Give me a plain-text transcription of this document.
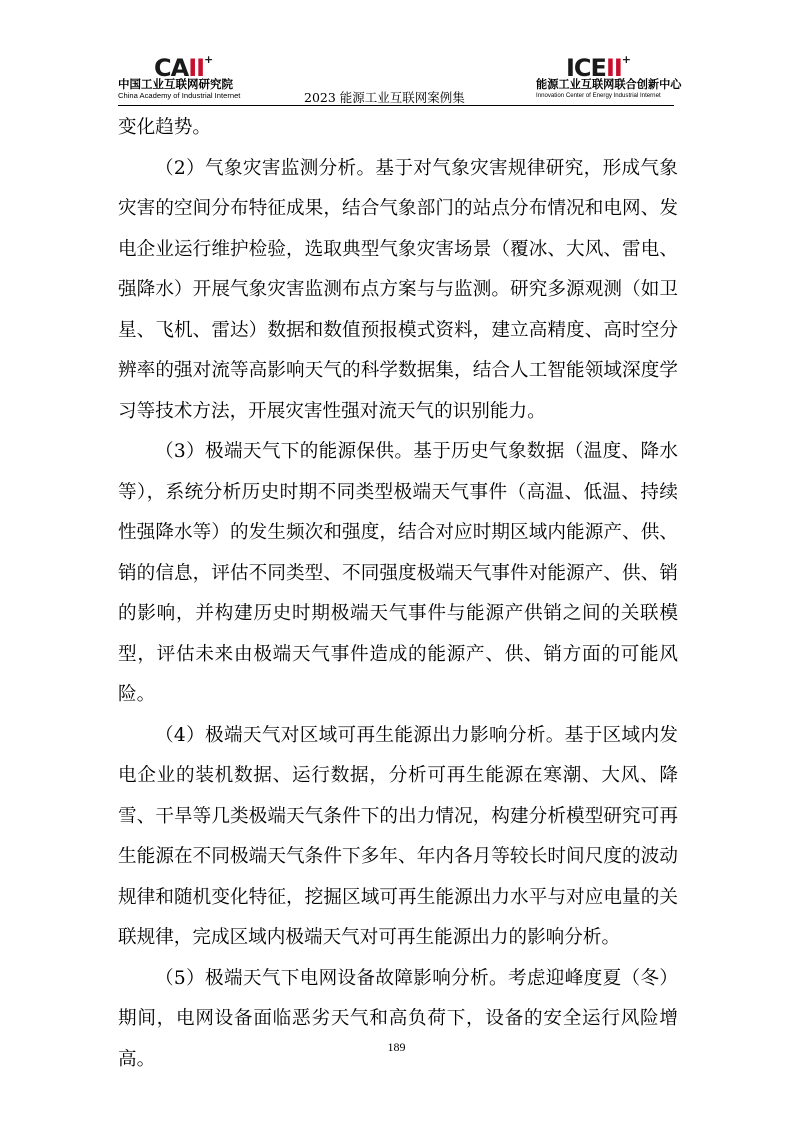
CAII+
中国工业互联网研究院
China Academy of Industrial Internet	2023 能源工业互联网案例集
ICEII+
能源工业互联网联合创新中心
Innovation Center of Energy Industrial Internet

变化趋势。

（2）气象灾害监测分析。基于对气象灾害规律研究，形成气象灾害的空间分布特征成果，结合气象部门的站点分布情况和电网、发电企业运行维护检验，选取典型气象灾害场景（覆冰、大风、雷电、强降水）开展气象灾害监测布点方案与与监测。研究多源观测（如卫星、飞机、雷达）数据和数值预报模式资料，建立高精度、高时空分辨率的强对流等高影响天气的科学数据集，结合人工智能领域深度学习等技术方法，开展灾害性强对流天气的识别能力。

（3）极端天气下的能源保供。基于历史气象数据（温度、降水等），系统分析历史时期不同类型极端天气事件（高温、低温、持续性强降水等）的发生频次和强度，结合对应时期区域内能源产、供、销的信息，评估不同类型、不同强度极端天气事件对能源产、供、销的影响，并构建历史时期极端天气事件与能源产供销之间的关联模型，评估未来由极端天气事件造成的能源产、供、销方面的可能风险。

（4）极端天气对区域可再生能源出力影响分析。基于区域内发电企业的装机数据、运行数据，分析可再生能源在寒潮、大风、降雪、干旱等几类极端天气条件下的出力情况，构建分析模型研究可再生能源在不同极端天气条件下多年、年内各月等较长时间尺度的波动规律和随机变化特征，挖掘区域可再生能源出力水平与对应电量的关联规律，完成区域内极端天气对可再生能源出力的影响分析。

（5）极端天气下电网设备故障影响分析。考虑迎峰度夏（冬）期间，电网设备面临恶劣天气和高负荷下，设备的安全运行风险增高。

189
